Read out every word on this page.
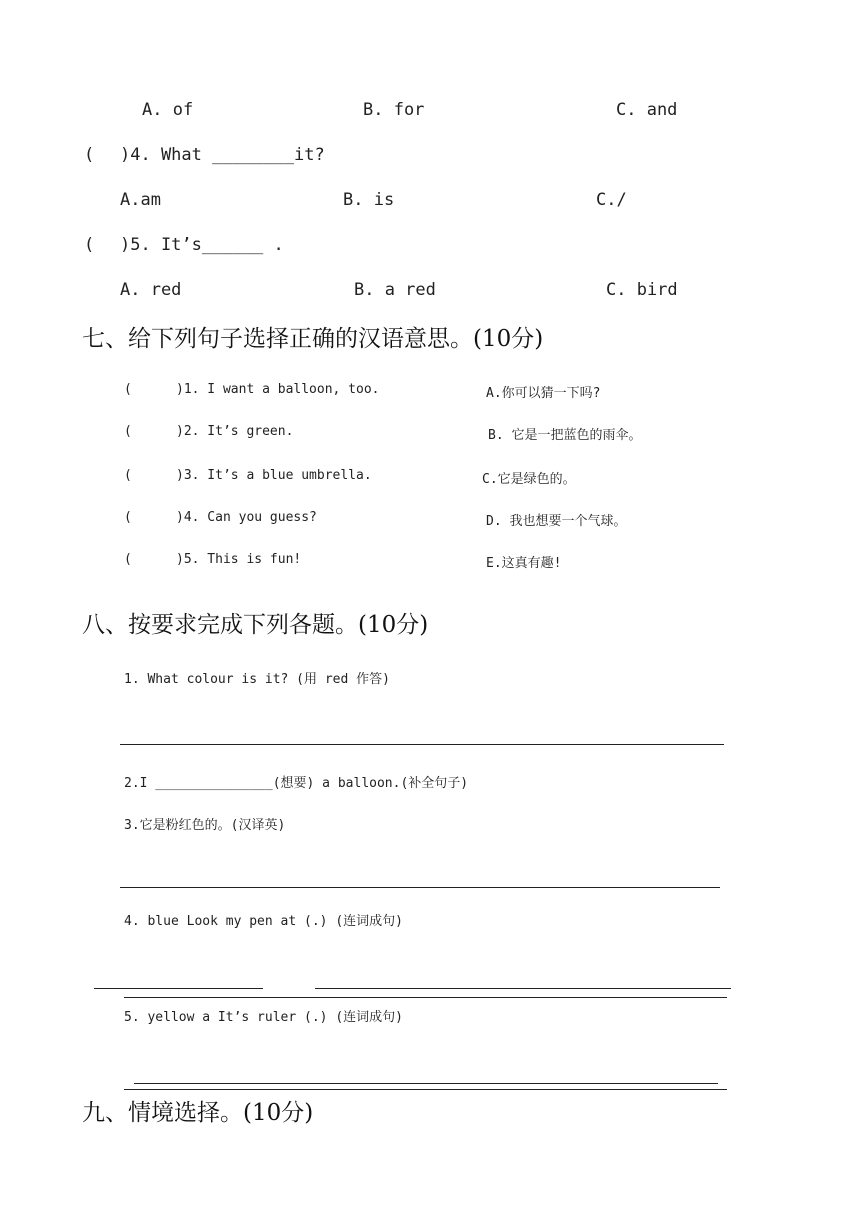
A. of	B. for	C. and
( )4. What ________it?
A.am	B. is	C./
( )5. It’s______ .
A. red	B. a red	C. bird
七、给下列句子选择正确的汉语意思。(10分)
(	)1. I want a balloon, too.	A.你可以猜一下吗?
(	)2. It’s green.	B. 它是一把蓝色的雨伞。
(	)3. It’s a blue umbrella.	C.它是绿色的。
(	)4. Can you guess?	D. 我也想要一个气球。
(	)5. This is fun!	E.这真有趣!
八、按要求完成下列各题。(10分)
1. What colour is it? (用 red 作答)
2.I _______________(想要) a balloon.(补全句子)
3.它是粉红色的。(汉译英)
4. blue Look my pen at (.) (连词成句)
5. yellow a It’s ruler (.) (连词成句)
九、情境选择。(10分)
